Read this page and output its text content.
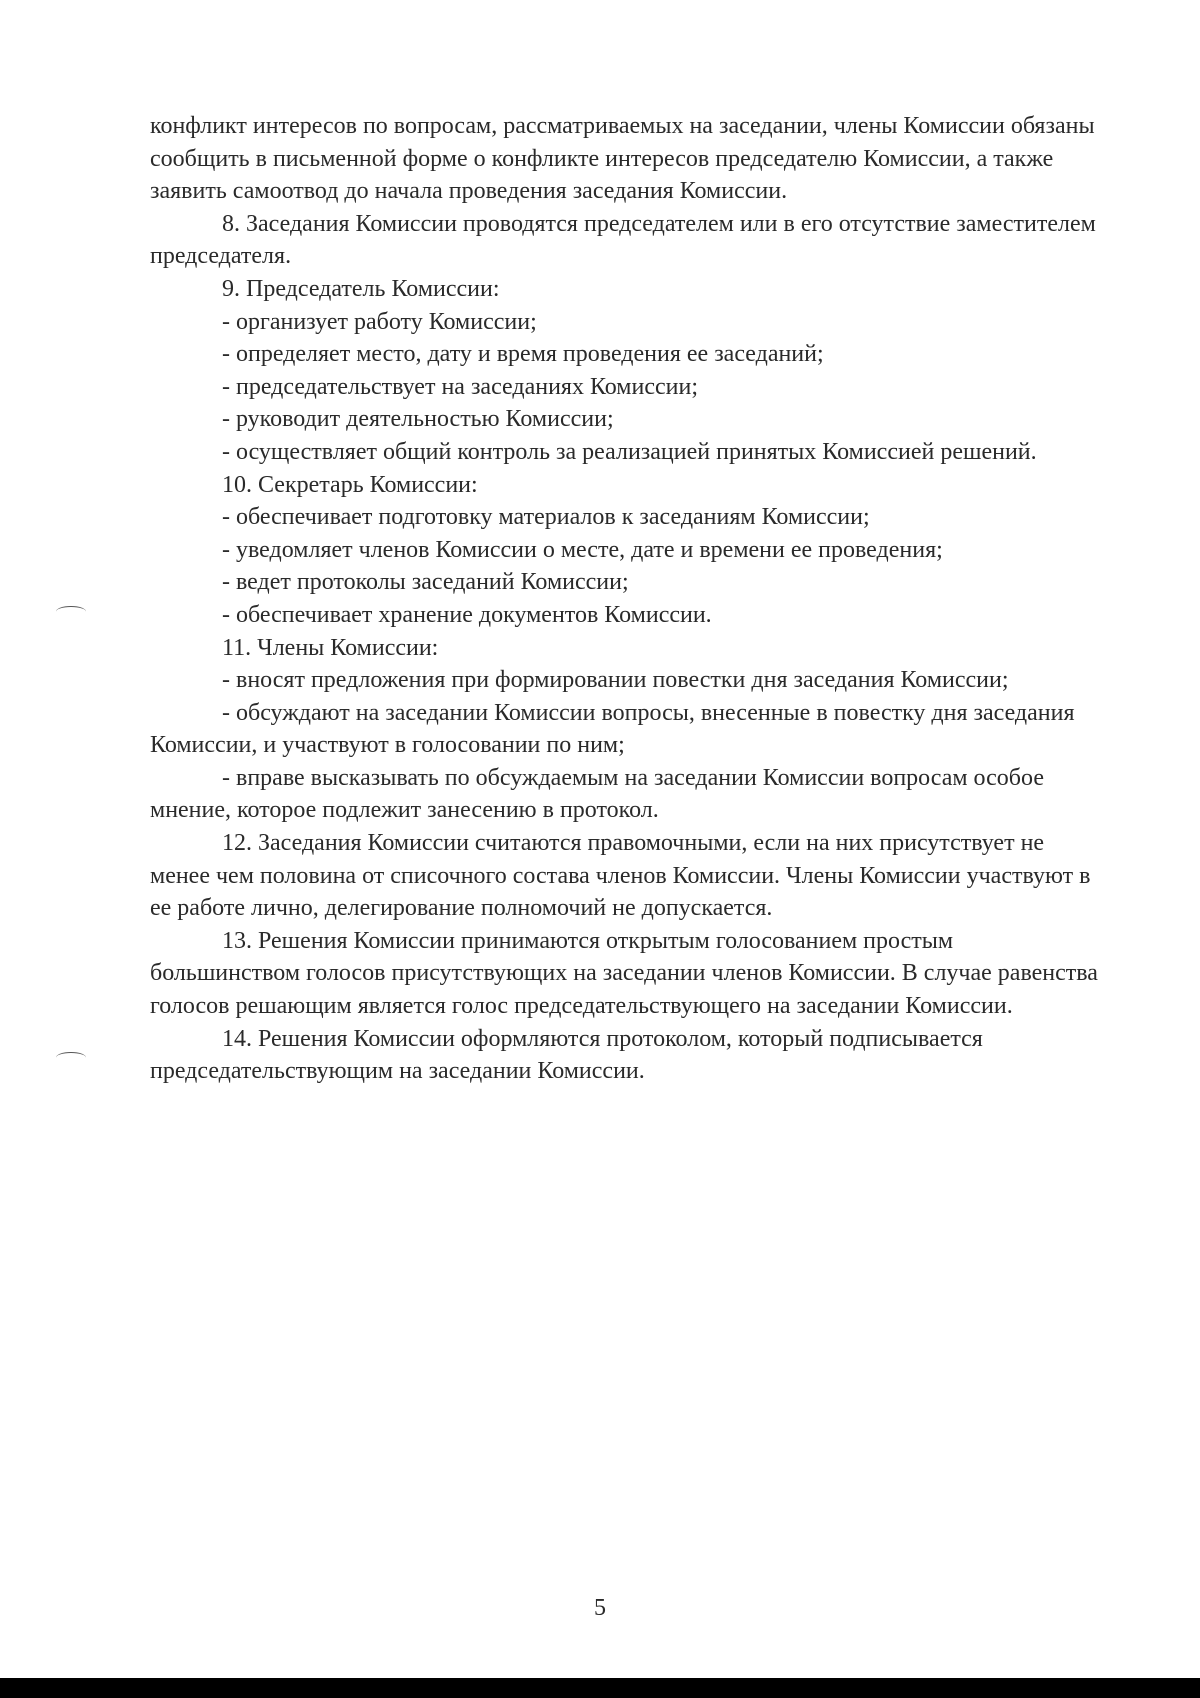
конфликт интересов по вопросам, рассматриваемых на заседании, члены Комиссии обязаны сообщить в письменной форме о конфликте интересов председателю Комиссии, а также заявить самоотвод до начала проведения заседания Комиссии.

8. Заседания Комиссии проводятся председателем или в его отсутствие заместителем председателя.

9. Председатель Комиссии:

- организует работу Комиссии;

- определяет место, дату и время проведения ее заседаний;

- председательствует на заседаниях Комиссии;

- руководит деятельностью Комиссии;

- осуществляет общий контроль за реализацией принятых Комиссией решений.

10. Секретарь Комиссии:

- обеспечивает подготовку материалов к заседаниям Комиссии;

- уведомляет членов Комисcии о месте, дате и времени ее проведения;

- ведет протоколы заседаний Комиссии;

- обеспечивает хранение документов Комиссии.

11. Члены Комиссии:

- вносят предложения при формировании повестки дня заседания Комиссии;

- обсуждают на заседании Комиссии вопросы, внесенные в повестку дня заседания Комиссии, и участвуют в голосовании по ним;

- вправе высказывать по обсуждаемым на заседании Комиссии вопросам особое мнение, которое подлежит занесению в протокол.

12. Заседания Комиссии считаются правомочными, если на них присутствует не менее чем половина от списочного состава членов Комиссии. Члены Комиссии участвуют в ее работе лично, делегирование полномочий не допускается.

13. Решения Комиссии принимаются открытым голосованием простым большинством голосов присутствующих на заседании членов Комиссии. В случае равенства голосов решающим является голос председательствующего на заседании Комиссии.

14. Решения Комиссии оформляются протоколом, который подписывается председательствующим на заседании Комиссии.

5
